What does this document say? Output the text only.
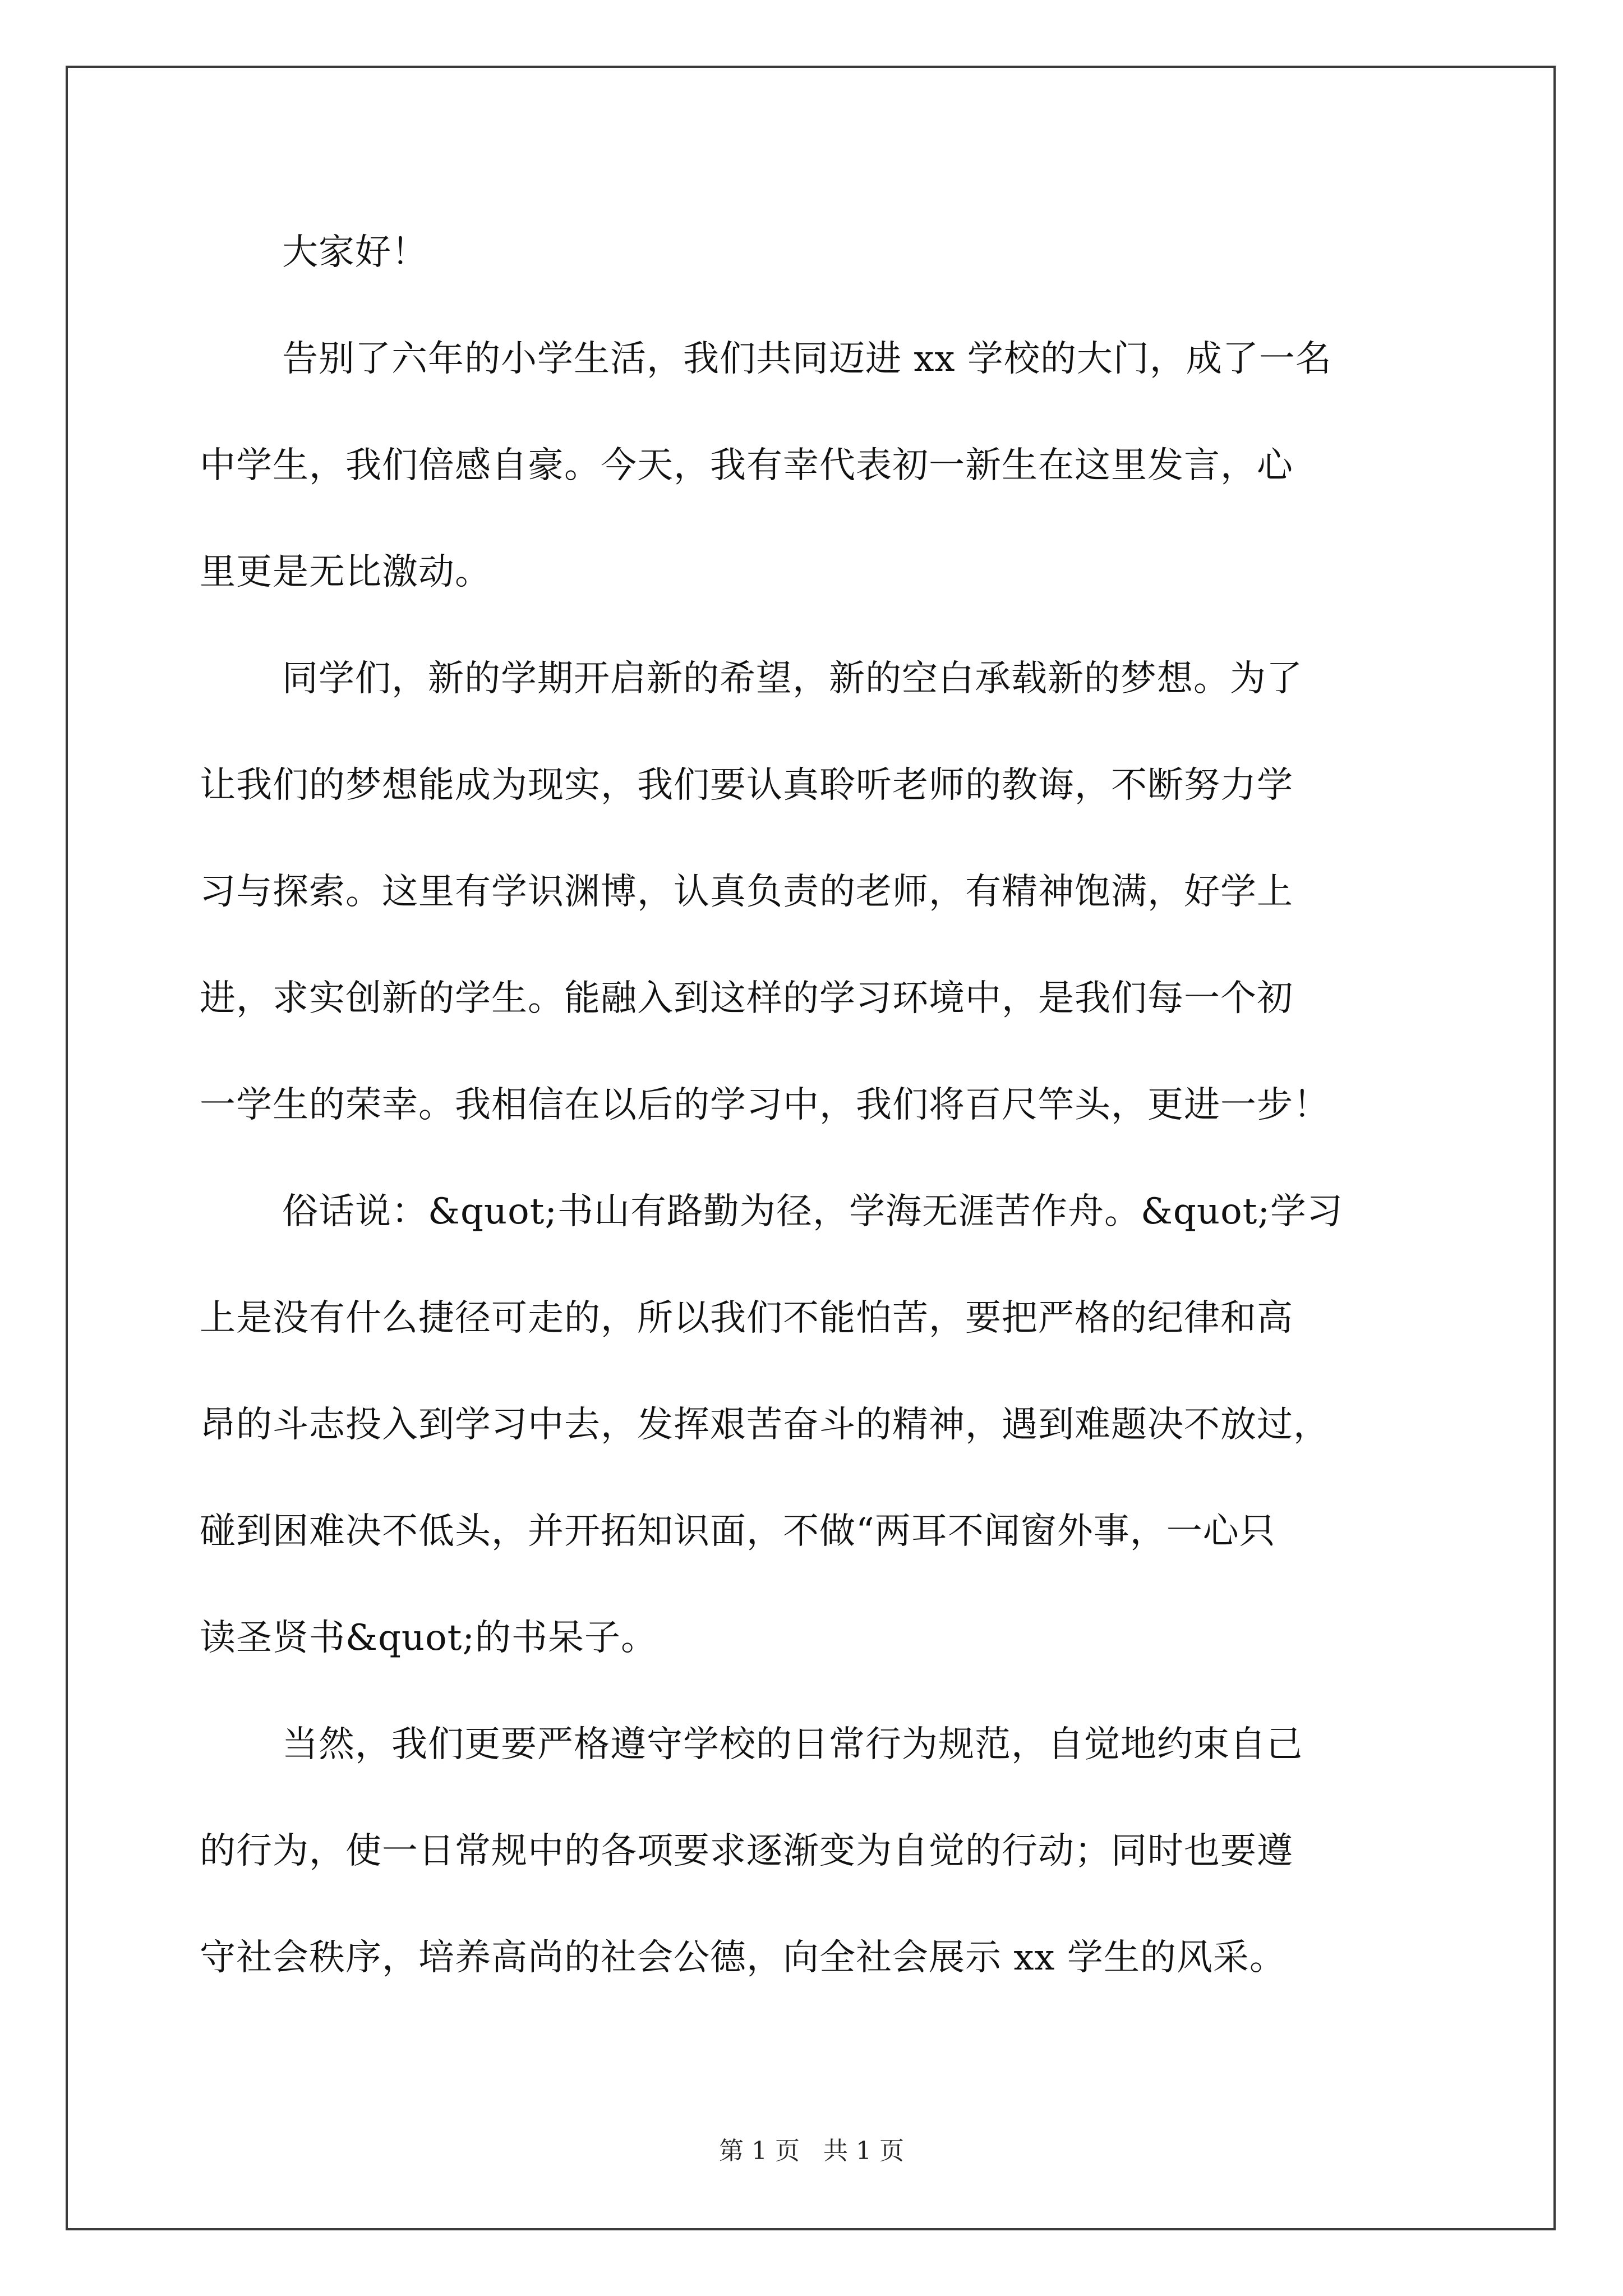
大家好！
告别了六年的小学生活，我们共同迈进 xx 学校的大门，成了一名
中学生，我们倍感自豪。今天，我有幸代表初一新生在这里发言，心
里更是无比激动。
同学们，新的学期开启新的希望，新的空白承载新的梦想。为了
让我们的梦想能成为现实，我们要认真聆听老师的教诲，不断努力学
习与探索。这里有学识渊博，认真负责的老师，有精神饱满，好学上
进，求实创新的学生。能融入到这样的学习环境中，是我们每一个初
一学生的荣幸。我相信在以后的学习中，我们将百尺竿头，更进一步！
俗话说：&quot;书山有路勤为径，学海无涯苦作舟。&quot;学习
上是没有什么捷径可走的，所以我们不能怕苦，要把严格的纪律和高
昂的斗志投入到学习中去，发挥艰苦奋斗的精神，遇到难题决不放过，
碰到困难决不低头，并开拓知识面，不做“两耳不闻窗外事，一心只
读圣贤书&quot;的书呆子。
当然，我们更要严格遵守学校的日常行为规范，自觉地约束自己
的行为，使一日常规中的各项要求逐渐变为自觉的行动；同时也要遵
守社会秩序，培养高尚的社会公德，向全社会展示 xx 学生的风采。
第 1 页   共 1 页
